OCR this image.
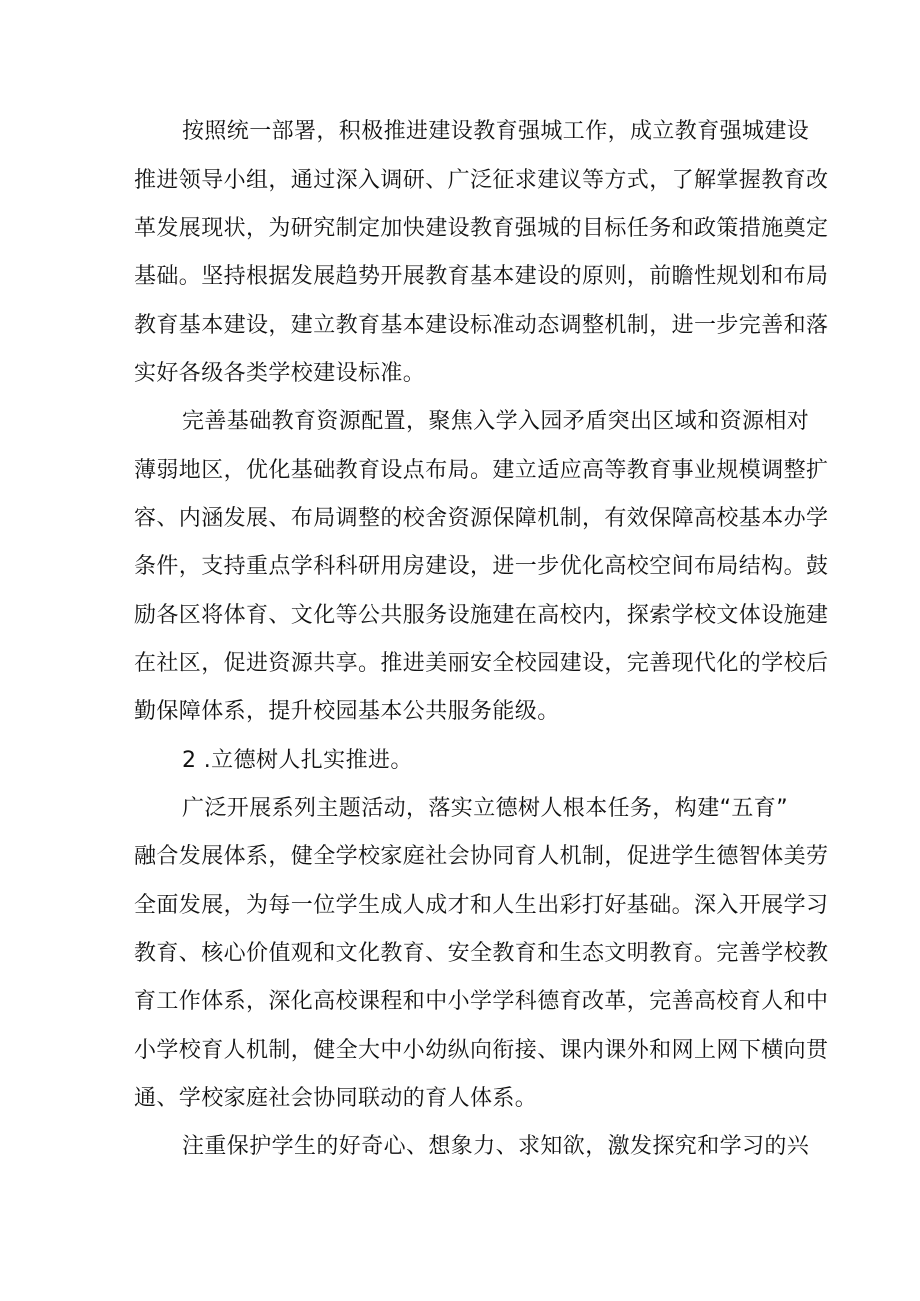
按照统一部署，积极推进建设教育强城工作，成立教育强城建设
推进领导小组，通过深入调研、广泛征求建议等方式，了解掌握教育改
革发展现状，为研究制定加快建设教育强城的目标任务和政策措施奠定
基础。坚持根据发展趋势开展教育基本建设的原则，前瞻性规划和布局
教育基本建设，建立教育基本建设标准动态调整机制，进一步完善和落
实好各级各类学校建设标准。
完善基础教育资源配置，聚焦入学入园矛盾突出区域和资源相对
薄弱地区，优化基础教育设点布局。建立适应高等教育事业规模调整扩
容、内涵发展、布局调整的校舍资源保障机制，有效保障高校基本办学
条件，支持重点学科科研用房建设，进一步优化高校空间布局结构。鼓
励各区将体育、文化等公共服务设施建在高校内，探索学校文体设施建
在社区，促进资源共享。推进美丽安全校园建设，完善现代化的学校后
勤保障体系，提升校园基本公共服务能级。
2 .立德树人扎实推进。
广泛开展系列主题活动，落实立德树人根本任务，构建“五育”
融合发展体系，健全学校家庭社会协同育人机制，促进学生德智体美劳
全面发展，为每一位学生成人成才和人生出彩打好基础。深入开展学习
教育、核心价值观和文化教育、安全教育和生态文明教育。完善学校教
育工作体系，深化高校课程和中小学学科德育改革，完善高校育人和中
小学校育人机制，健全大中小幼纵向衔接、课内课外和网上网下横向贯
通、学校家庭社会协同联动的育人体系。
注重保护学生的好奇心、想象力、求知欲，激发探究和学习的兴
